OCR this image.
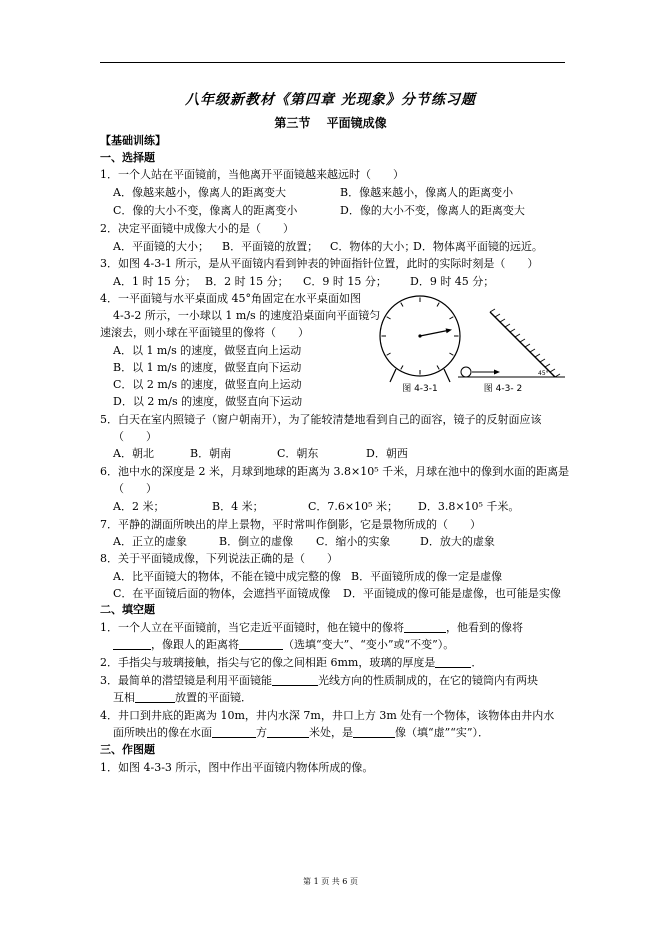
八年级新教材《第四章 光现象》分节练习题
第三节　 平面镜成像
【基础训练】
一、选择题
1．一个人站在平面镜前，当他离开平面镜越来越远时（　　）
A．像越来越小，像离人的距离变大	B．像越来越小，像离人的距离变小
C．像的大小不变，像离人的距离变小	D．像的大小不变，像离人的距离变大
2．决定平面镜中成像大小的是（　　）
A．平面镜的大小； B．平面镜的放置； C．物体的大小；
D．物体离平面镜的远近。
3．如图 4-3-1 所示，是从平面镜内看到钟表的钟面指针位置，此时的实际时刻是（　　）
A．1 时 15 分； B．2 时 15 分； C．9 时 15 分； D．9 时 45 分；
4．一平面镜与水平桌面成 45°角固定在水平桌面如图
4-3-2 所示，一小球以 1 m/s 的速度沿桌面向平面镜匀
速滚去，则小球在平面镜里的像将（　　）
A．以 1 m/s 的速度，做竖直向上运动
B．以 1 m/s 的速度，做竖直向下运动
C．以 2 m/s 的速度，做竖直向上运动
D．以 2 m/s 的速度，做竖直向下运动
图 4-3-1
45°
图 4-3- 2
5．白天在室内照镜子（窗户朝南开），为了能较清楚地看到自己的面容，镜子的反射面应该
（　　）
A．朝北	B．朝南	C．朝东	D．朝西
6．池中水的深度是 2 米，月球到地球的距离为 3.8×10⁵ 千米，月球在池中的像到水面的距离是
（　　）
A．2 米；	B．4 米；	C．7.6×10⁵ 米； D．3.8×10⁵ 千米。
7．平静的湖面所映出的岸上景物，平时常叫作倒影，它是景物所成的（　　）
A．正立的虚象	B．倒立的虚像 C．缩小的实象	D．放大的虚象
8．关于平面镜成像，下列说法正确的是（　　）
A．比平面镜大的物体，不能在镜中成完整的像 B．平面镜所成的像一定是虚像
C．在平面镜后面的物体，会遮挡平面镜成像 D．平面镜成的像可能是虚像，也可能是实像
二、填空题
1．一个人立在平面镜前，当它走近平面镜时，他在镜中的像将	，他看到的像将
，像跟人的距离将	（选填“变大”、“变小”或“不变”）。
2．手指尖与玻璃接触，指尖与它的像之间相距 6mm，玻璃的厚度是	．
3．最简单的潜望镜是利用平面镜能	光线方向的性质制成的，在它的镜筒内有两块
互相	放置的平面镜．
4．井口到井底的距离为 10m，井内水深 7m，井口上方 3m 处有一个物体，该物体由井内水
面所映出的像在水面	方	米处，是	像（填“虚”“实”）．
三、作图题
1．如图 4-3-3 所示，图中作出平面镜内物体所成的像。
第 1 页 共 6 页
